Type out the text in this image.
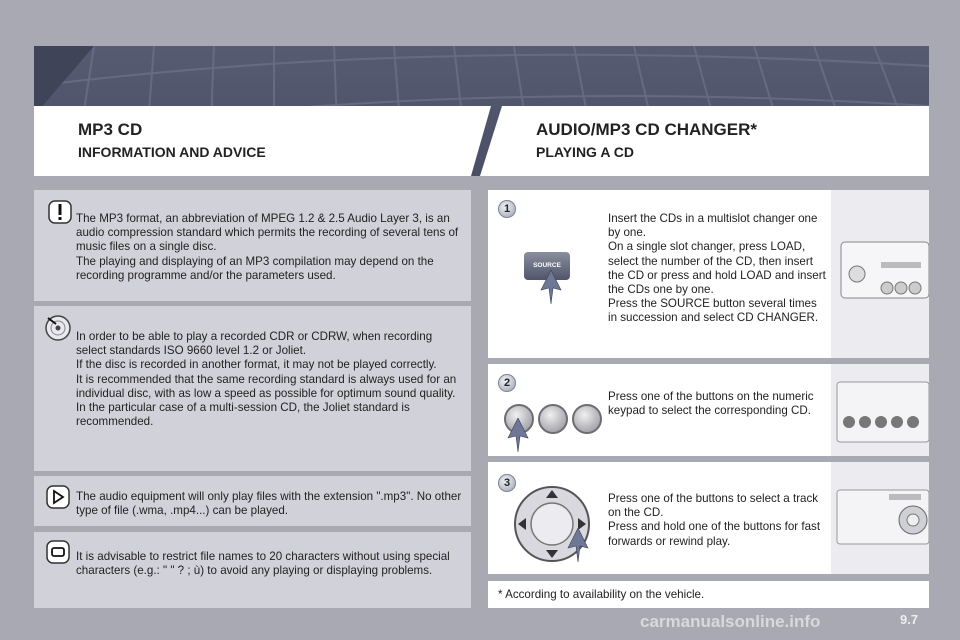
MP3 CD
INFORMATION AND ADVICE
AUDIO/MP3 CD CHANGER*
PLAYING A CD
The MP3 format, an abbreviation of MPEG 1.2 & 2.5 Audio Layer 3, is an audio compression standard which permits the recording of several tens of music files on a single disc.
The playing and displaying of an MP3 compilation may depend on the recording programme and/or the parameters used.
In order to be able to play a recorded CDR or CDRW, when recording select standards ISO 9660 level 1.2 or Joliet.
If the disc is recorded in another format, it may not be played correctly.
It is recommended that the same recording standard is always used for an individual disc, with as low a speed as possible for optimum sound quality.
In the particular case of a multi-session CD, the Joliet standard is recommended.
The audio equipment will only play files with the extension ".mp3". No other type of file (.wma, .mp4...) can be played.
It is advisable to restrict file names to 20 characters without using special characters (e.g.: " " ? ; ù) to avoid any playing or displaying problems.
1
SOURCE
Insert the CDs in a multislot changer one by one.
On a single slot changer, press LOAD, select the number of the CD, then insert the CD or press and hold LOAD and insert the CDs one by one.
Press the SOURCE button several times in succession and select CD CHANGER.
2
Press one of the buttons on the numeric keypad to select the corresponding CD.
3
Press one of the buttons to select a track on the CD.
Press and hold one of the buttons for fast forwards or rewind play.
* According to availability on the vehicle.
9.7
carmanualsonline.info
